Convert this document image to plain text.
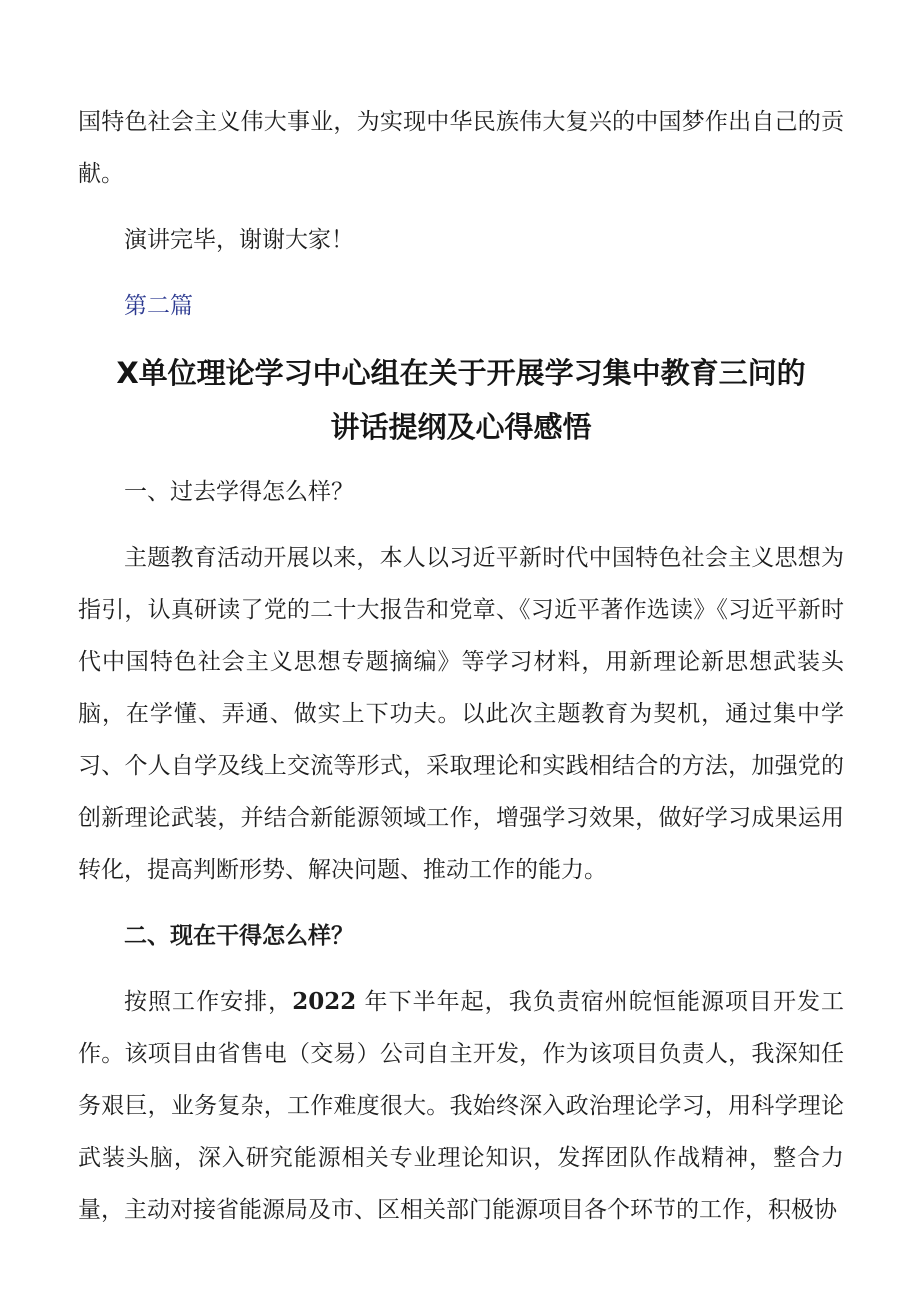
国特色社会主义伟大事业，为实现中华民族伟大复兴的中国梦作出自己的贡献。

演讲完毕，谢谢大家！

第二篇

X单位理论学习中心组在关于开展学习集中教育三问的讲话提纲及心得感悟

一、过去学得怎么样？

主题教育活动开展以来，本人以习近平新时代中国特色社会主义思想为指引，认真研读了党的二十大报告和党章、《习近平著作选读》《习近平新时代中国特色社会主义思想专题摘编》等学习材料，用新理论新思想武装头脑，在学懂、弄通、做实上下功夫。以此次主题教育为契机，通过集中学习、个人自学及线上交流等形式，采取理论和实践相结合的方法，加强党的创新理论武装，并结合新能源领域工作，增强学习效果，做好学习成果运用转化，提高判断形势、解决问题、推动工作的能力。

二、现在干得怎么样？

按照工作安排，2022 年下半年起，我负责宿州皖恒能源项目开发工作。该项目由省售电（交易）公司自主开发，作为该项目负责人，我深知任务艰巨，业务复杂，工作难度很大。我始终深入政治理论学习，用科学理论武装头脑，深入研究能源相关专业理论知识，发挥团队作战精神，整合力量，主动对接省能源局及市、区相关部门能源项目各个环节的工作，积极协
